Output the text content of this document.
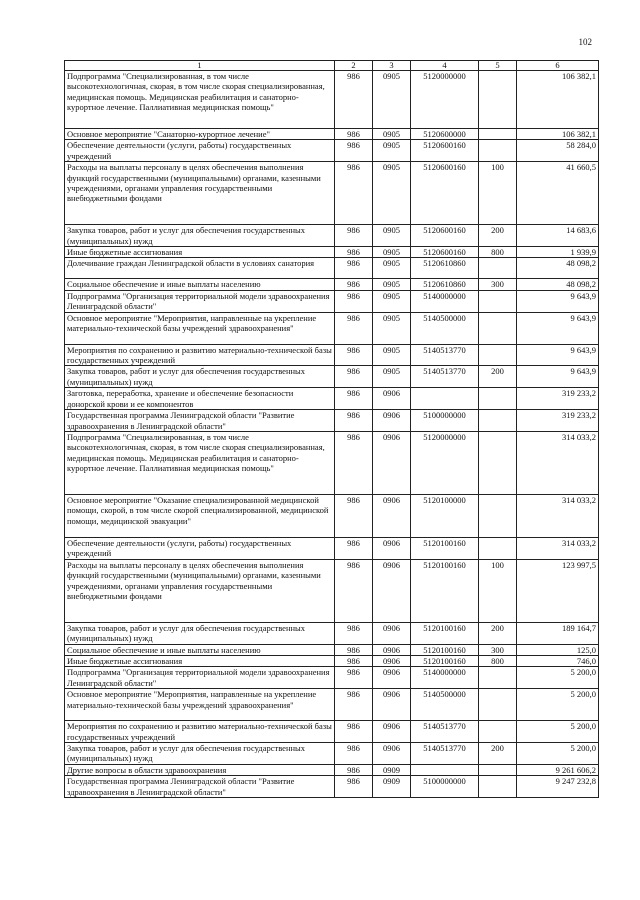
102
1	2	3	4	5	6
Подпрограмма "Специализированная, в том числе высокотехнологичная, скорая, в том числе скорая специализированная, медицинская помощь. Медицинская реабилитация и санаторно-курортное лечение. Паллиативная медицинская помощь"	986	0905	5120000000		106 382,1
Основное мероприятие "Санаторно-курортное лечение"	986	0905	5120600000		106 382,1
Обеспечение деятельности (услуги, работы) государственных учреждений	986	0905	5120600160		58 284,0
Расходы на выплаты персоналу в целях обеспечения выполнения функций государственными (муниципальными) органами, казенными учреждениями, органами управления государственными внебюджетными фондами	986	0905	5120600160	100	41 660,5
Закупка товаров, работ и услуг для обеспечения государственных (муниципальных) нужд	986	0905	5120600160	200	14 683,6
Иные бюджетные ассигнования	986	0905	5120600160	800	1 939,9
Долечивание граждан Ленинградской области в условиях санатория	986	0905	5120610860		48 098,2
Социальное обеспечение и иные выплаты населению	986	0905	5120610860	300	48 098,2
Подпрограмма "Организация территориальной модели здравоохранения Ленинградской области"	986	0905	5140000000		9 643,9
Основное мероприятие "Мероприятия, направленные на укрепление материально-технической базы учреждений здравоохранения"	986	0905	5140500000		9 643,9
Мероприятия по сохранению и развитию материально-технической базы государственных учреждений	986	0905	5140513770		9 643,9
Закупка товаров, работ и услуг для обеспечения государственных (муниципальных) нужд	986	0905	5140513770	200	9 643,9
Заготовка, переработка, хранение и обеспечение безопасности донорской крови и ее компонентов	986	0906			319 233,2
Государственная программа Ленинградской области "Развитие здравоохранения в Ленинградской области"	986	0906	5100000000		319 233,2
Подпрограмма "Специализированная, в том числе высокотехнологичная, скорая, в том числе скорая специализированная, медицинская помощь. Медицинская реабилитация и санаторно-курортное лечение. Паллиативная медицинская помощь"	986	0906	5120000000		314 033,2
Основное мероприятие "Оказание специализированной медицинской помощи, скорой, в том числе скорой специализированной, медицинской помощи, медицинской эвакуации"	986	0906	5120100000		314 033,2
Обеспечение деятельности (услуги, работы) государственных учреждений	986	0906	5120100160		314 033,2
Расходы на выплаты персоналу в целях обеспечения выполнения функций государственными (муниципальными) органами, казенными учреждениями, органами управления государственными внебюджетными фондами	986	0906	5120100160	100	123 997,5
Закупка товаров, работ и услуг для обеспечения государственных (муниципальных) нужд	986	0906	5120100160	200	189 164,7
Социальное обеспечение и иные выплаты населению	986	0906	5120100160	300	125,0
Иные бюджетные ассигнования	986	0906	5120100160	800	746,0
Подпрограмма "Организация территориальной модели здравоохранения Ленинградской области"	986	0906	5140000000		5 200,0
Основное мероприятие "Мероприятия, направленные на укрепление материально-технической базы учреждений здравоохранения"	986	0906	5140500000		5 200,0
Мероприятия по сохранению и развитию материально-технической базы государственных учреждений	986	0906	5140513770		5 200,0
Закупка товаров, работ и услуг для обеспечения государственных (муниципальных) нужд	986	0906	5140513770	200	5 200,0
Другие вопросы в области здравоохранения	986	0909			9 261 606,2
Государственная программа Ленинградской области "Развитие здравоохранения в Ленинградской области"	986	0909	5100000000		9 247 232,8
